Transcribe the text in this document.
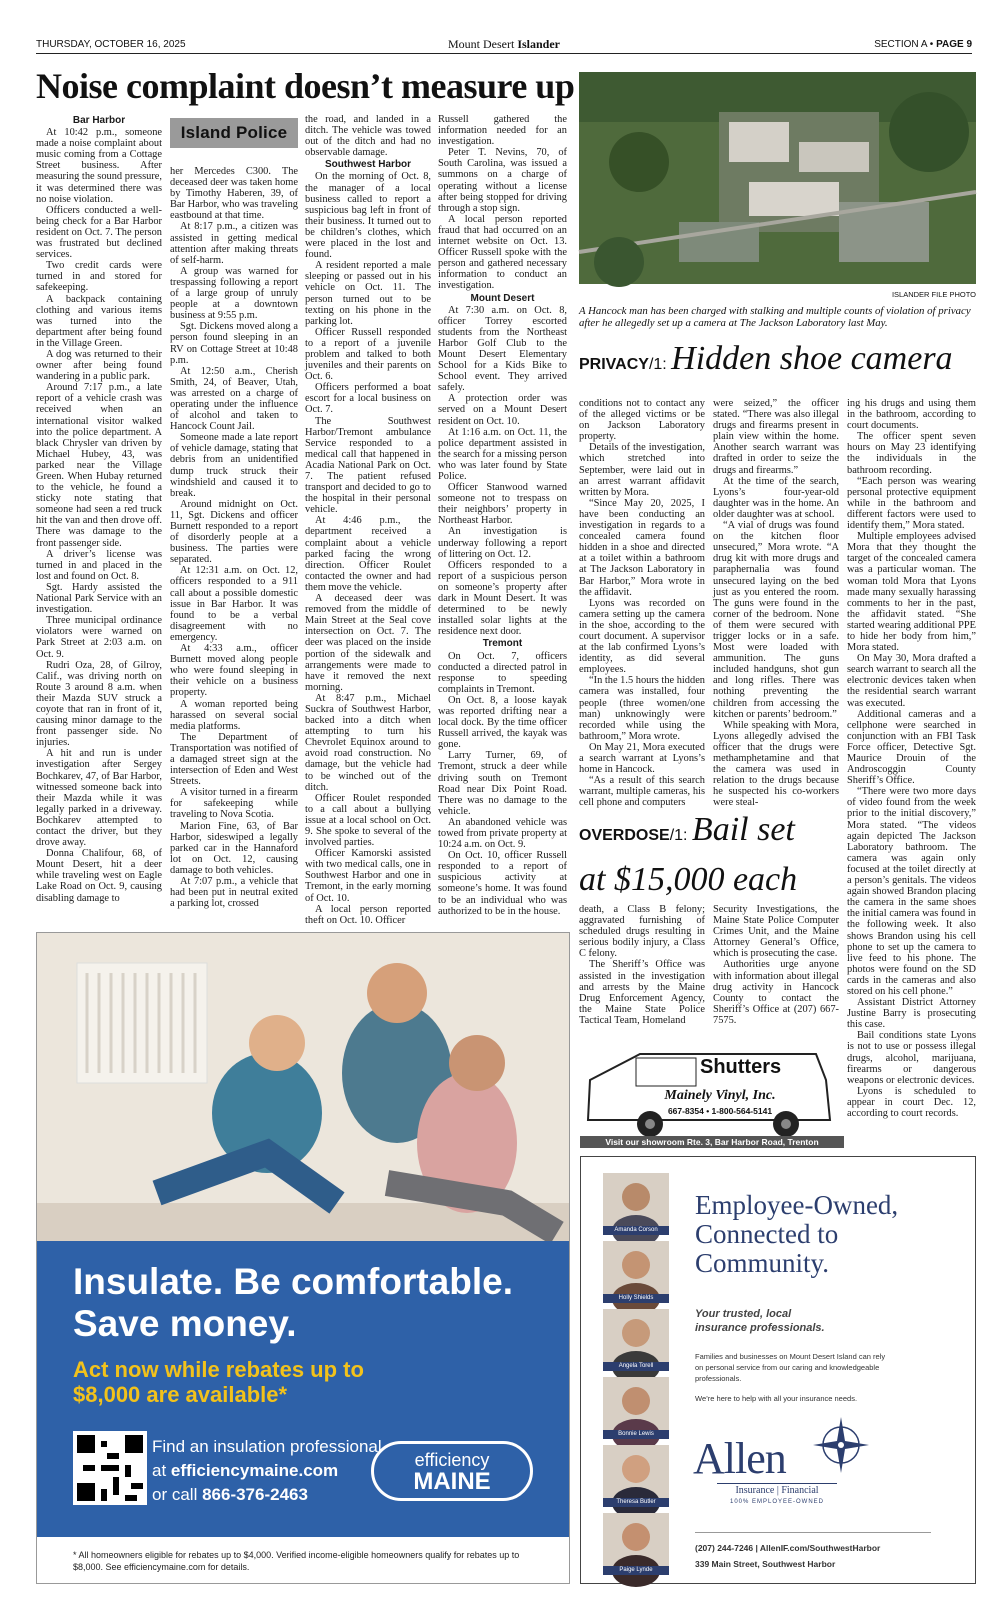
THURSDAY, OCTOBER 16, 2025	Mount Desert Islander	SECTION A • PAGE 9
Noise complaint doesn’t measure up
Bar Harbor

At 10:42 p.m., someone made a noise complaint about music coming from a Cottage Street business. After measuring the sound pressure, it was determined there was no noise violation.

Officers conducted a well-being check for a Bar Harbor resident on Oct. 7. The person was frustrated but declined services.

Two credit cards were turned in and stored for safekeeping.

A backpack containing clothing and various items was turned into the department after being found in the Village Green.

A dog was returned to their owner after being found wandering in a public park.

Around 7:17 p.m., a late report of a vehicle crash was received when an international visitor walked into the police department. A black Chrysler van driven by Michael Hubey, 43, was parked near the Village Green. When Hubay returned to the vehicle, he found a sticky note stating that someone had seen a red truck hit the van and then drove off. There was damage to the front passenger side.

A driver’s license was turned in and placed in the lost and found on Oct. 8.

Sgt. Hardy assisted the National Park Service with an investigation.

Three municipal ordinance violators were warned on Park Street at 2:03 a.m. on Oct. 9.

Rudri Oza, 28, of Gilroy, Calif., was driving north on Route 3 around 8 a.m. when their Mazda SUV struck a coyote that ran in front of it, causing minor damage to the front passenger side. No injuries.

A hit and run is under investigation after Sergey Bochkarev, 47, of Bar Harbor, witnessed someone back into their Mazda while it was legally parked in a driveway. Bochkarev attempted to contact the driver, but they drove away.

Donna Chalifour, 68, of Mount Desert, hit a deer while traveling west on Eagle Lake Road on Oct. 9, causing disabling damage to

Island Police

her Mercedes C300. The deceased deer was taken home by Timothy Haberen, 39, of Bar Harbor, who was traveling eastbound at that time.

At 8:17 p.m., a citizen was assisted in getting medical attention after making threats of self-harm.

A group was warned for trespassing following a report of a large group of unruly people at a downtown business at 9:55 p.m.

Sgt. Dickens moved along a person found sleeping in an RV on Cottage Street at 10:48 p.m.

At 12:50 a.m., Cherish Smith, 24, of Beaver, Utah, was arrested on a charge of operating under the influence of alcohol and taken to Hancock Count Jail.

Someone made a late report of vehicle damage, stating that debris from an unidentified dump truck struck their windshield and caused it to break.

Around midnight on Oct. 11, Sgt. Dickens and officer Burnett responded to a report of disorderly people at a business. The parties were separated.

At 12:31 a.m. on Oct. 12, officers responded to a 911 call about a possible domestic issue in Bar Harbor. It was found to be a verbal disagreement with no emergency.

At 4:33 a.m., officer Burnett moved along people who were found sleeping in their vehicle on a business property.

A woman reported being harassed on several social media platforms.

The Department of Transportation was notified of a damaged street sign at the intersection of Eden and West Streets.

A visitor turned in a firearm for safekeeping while traveling to Nova Scotia.

Marion Fine, 63, of Bar Harbor, sideswiped a legally parked car in the Hannaford lot on Oct. 12, causing damage to both vehicles.

At 7:07 p.m., a vehicle that had been put in neutral exited a parking lot, crossed

the road, and landed in a ditch. The vehicle was towed out of the ditch and had no observable damage.

Southwest Harbor

On the morning of Oct. 8, the manager of a local business called to report a suspicious bag left in front of their business. It turned out to be children’s clothes, which were placed in the lost and found.

A resident reported a male sleeping or passed out in his vehicle on Oct. 11. The person turned out to be texting on his phone in the parking lot.

Officer Russell responded to a report of a juvenile problem and talked to both juveniles and their parents on Oct. 6.

Officers performed a boat escort for a local business on Oct. 7.

The Southwest Harbor/Tremont ambulance Service responded to a medical call that happened in Acadia National Park on Oct. 7. The patient refused transport and decided to go to the hospital in their personal vehicle.

At 4:46 p.m., the department received a complaint about a vehicle parked facing the wrong direction. Officer Roulet contacted the owner and had them move the vehicle.

A deceased deer was removed from the middle of Main Street at the Seal cove intersection on Oct. 7. The deer was placed on the inside portion of the sidewalk and arrangements were made to have it removed the next morning.

At 8:47 p.m., Michael Suckra of Southwest Harbor, backed into a ditch when attempting to turn his Chevrolet Equinox around to avoid road construction. No damage, but the vehicle had to be winched out of the ditch.

Officer Roulet responded to a call about a bullying issue at a local school on Oct. 9. She spoke to several of the involved parties.

Officer Kamorski assisted with two medical calls, one in Southwest Harbor and one in Tremont, in the early morning of Oct. 10.

A local person reported theft on Oct. 10. Officer

Russell gathered the information needed for an investigation.

Peter T. Nevins, 70, of South Carolina, was issued a summons on a charge of operating without a license after being stopped for driving through a stop sign.

A local person reported fraud that had occurred on an internet website on Oct. 13. Officer Russell spoke with the person and gathered necessary information to conduct an investigation.

Mount Desert

At 7:30 a.m. on Oct. 8, officer Torrey escorted students from the Northeast Harbor Golf Club to the Mount Desert Elementary School for a Kids Bike to School event. They arrived safely.

A protection order was served on a Mount Desert resident on Oct. 10.

At 1:16 a.m. on Oct. 11, the police department assisted in the search for a missing person who was later found by State Police.

Officer Stanwood warned someone not to trespass on their neighbors’ property in Northeast Harbor.

An investigation is underway following a report of littering on Oct. 12.

Officers responded to a report of a suspicious person on someone’s property after dark in Mount Desert. It was determined to be newly installed solar lights at the residence next door.

Tremont

On Oct. 7, officers conducted a directed patrol in response to speeding complaints in Tremont.

On Oct. 8, a loose kayak was reported drifting near a local dock. By the time officer Russell arrived, the kayak was gone.

Larry Turner, 69, of Tremont, struck a deer while driving south on Tremont Road near Dix Point Road. There was no damage to the vehicle.

An abandoned vehicle was towed from private property at 10:24 a.m. on Oct. 9.

On Oct. 10, officer Russell responded to a report of suspicious activity at someone’s home. It was found to be an individual who was authorized to be in the house.

ISLANDER FILE PHOTO
A Hancock man has been charged with stalking and multiple counts of violation of privacy after he allegedly set up a camera at The Jackson Laboratory last May.
PRIVACY/1: Hidden shoe camera

conditions not to contact any of the alleged victims or be on Jackson Laboratory property.

Details of the investigation, which stretched into September, were laid out in an arrest warrant affidavit written by Mora.

“Since May 20, 2025, I have been conducting an investigation in regards to a concealed camera found hidden in a shoe and directed at a toilet within a bathroom at The Jackson Laboratory in Bar Harbor,” Mora wrote in the affidavit.

Lyons was recorded on camera setting up the camera in the shoe, according to the court document. A supervisor at the lab confirmed Lyons’s identity, as did several employees.

“In the 1.5 hours the hidden camera was installed, four people (three women/one man) unknowingly were recorded while using the bathroom,” Mora wrote.

On May 21, Mora executed a search warrant at Lyons’s home in Hancock.

“As a result of this search warrant, multiple cameras, his cell phone and computers

were seized,” the officer stated. “There was also illegal drugs and firearms present in plain view within the home. Another search warrant was drafted in order to seize the drugs and firearms.”

At the time of the search, Lyons’s four-year-old daughter was in the home. An older daughter was at school.

“A vial of drugs was found on the kitchen floor unsecured,” Mora wrote. “A drug kit with more drugs and paraphernalia was found unsecured laying on the bed just as you entered the room. The guns were found in the corner of the bedroom. None of them were secured with trigger locks or in a safe. Most were loaded with ammunition. The guns included handguns, shot gun and long rifles. There was nothing preventing the children from accessing the kitchen or parents’ bedroom.”

While speaking with Mora, Lyons allegedly advised the officer that the drugs were methamphetamine and that the camera was used in relation to the drugs because he suspected his co-workers were steal-

ing his drugs and using them in the bathroom, according to court documents.

The officer spent seven hours on May 23 identifying the individuals in the bathroom recording.

“Each person was wearing personal protective equipment while in the bathroom and different factors were used to identify them,” Mora stated.

Multiple employees advised Mora that they thought the target of the concealed camera was a particular woman. The woman told Mora that Lyons made many sexually harassing comments to her in the past, the affidavit stated. “She started wearing additional PPE to hide her body from him,” Mora stated.

On May 30, Mora drafted a search warrant to search all the electronic devices taken when the residential search warrant was executed.

Additional cameras and a cellphone were searched in conjunction with an FBI Task Force officer, Detective Sgt. Maurice Drouin of the Androscoggin County Sheriff’s Office.

“There were two more days of video found from the week prior to the initial discovery,” Mora stated. “The videos again depicted The Jackson Laboratory bathroom. The camera was again only focused at the toilet directly at a person’s genitals. The videos again showed Brandon placing the camera in the same shoes the initial camera was found in the following week. It also shows Brandon using his cell phone to set up the camera to live feed to his phone. The photos were found on the SD cards in the cameras and also stored on his cell phone.”

Assistant District Attorney Justine Barry is prosecuting this case.

Bail conditions state Lyons is not to use or possess illegal drugs, alcohol, marijuana, firearms or dangerous weapons or electronic devices.

Lyons is scheduled to appear in court Dec. 12, according to court records.

OVERDOSE/1: Bail set
at $15,000 each

death, a Class B felony; aggravated furnishing of scheduled drugs resulting in serious bodily injury, a Class C felony.

The Sheriff’s Office was assisted in the investigation and arrests by the Maine Drug Enforcement Agency, the Maine State Police Tactical Team, Homeland

Security Investigations, the Maine State Police Computer Crimes Unit, and the Maine Attorney General’s Office, which is prosecuting the case.

Authorities urge anyone with information about illegal drug activity in Hancock County to contact the Sheriff’s Office at (207) 667-7575.

Shutters
Mainely Vinyl, Inc.
667-8354 • 1-800-564-5141
Visit our showroom Rte. 3, Bar Harbor Road, Trenton
Insulate. Be comfortable.
Save money.
Act now while rebates up to
$8,000 are available*
Find an insulation professional
at efficiencymaine.com
or call 866-376-2463
efficiency
MAINE
* All homeowners eligible for rebates up to $4,000. Verified income-eligible homeowners qualify for rebates up to $8,000. See efficiencymaine.com for details.
Amanda Corson
Holly Shields
Angela Torell
Bonnie Lewis
Theresa Butler
Paige Lynde
Employee-Owned,
Connected to
Community.
Your trusted, local
insurance professionals.
Families and businesses on Mount Desert Island can rely on personal service from our caring and knowledgeable professionals.
We’re here to help with all your insurance needs.
Allen
Insurance | Financial
100% EMPLOYEE-OWNED
(207) 244-7246 | AllenIF.com/SouthwestHarbor
339 Main Street, Southwest Harbor
